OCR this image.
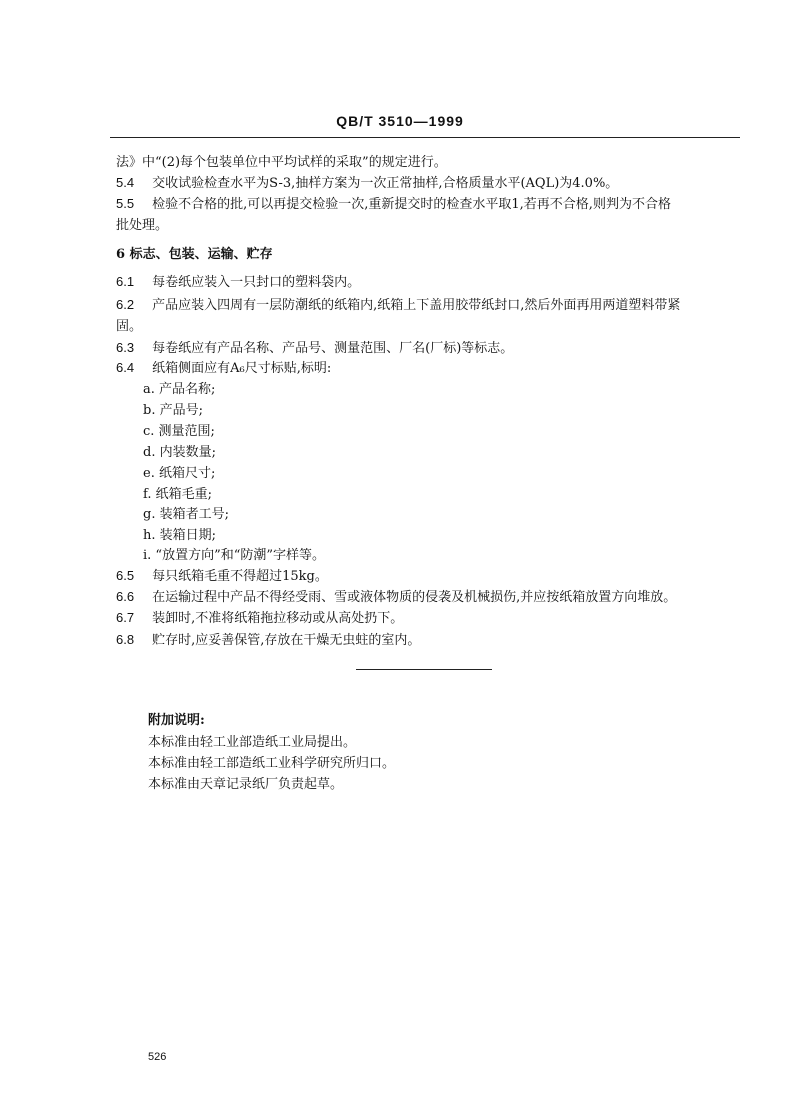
QB/T 3510—1999
法》中“(2)每个包装单位中平均试样的采取”的规定进行。
5.4 交收试验检查水平为S-3,抽样方案为一次正常抽样,合格质量水平(AQL)为4.0%。
5.5 检验不合格的批,可以再提交检验一次,重新提交时的检查水平取1,若再不合格,则判为不合格
批处理。
6 标志、包装、运输、贮存
6.1 每卷纸应装入一只封口的塑料袋内。
6.2 产品应装入四周有一层防潮纸的纸箱内,纸箱上下盖用胶带纸封口,然后外面再用两道塑料带紧
固。
6.3 每卷纸应有产品名称、产品号、测量范围、厂名(厂标)等标志。
6.4 纸箱侧面应有A₆尺寸标贴,标明:
a. 产品名称;
b. 产品号;
c. 测量范围;
d. 内装数量;
e. 纸箱尺寸;
f. 纸箱毛重;
g. 装箱者工号;
h. 装箱日期;
i. “放置方向”和“防潮”字样等。
6.5 每只纸箱毛重不得超过15kg。
6.6 在运输过程中产品不得经受雨、雪或液体物质的侵袭及机械损伤,并应按纸箱放置方向堆放。
6.7 装卸时,不准将纸箱拖拉移动或从高处扔下。
6.8 贮存时,应妥善保管,存放在干燥无虫蛀的室内。
附加说明:
本标准由轻工业部造纸工业局提出。
本标准由轻工部造纸工业科学研究所归口。
本标准由天章记录纸厂负责起草。
526
